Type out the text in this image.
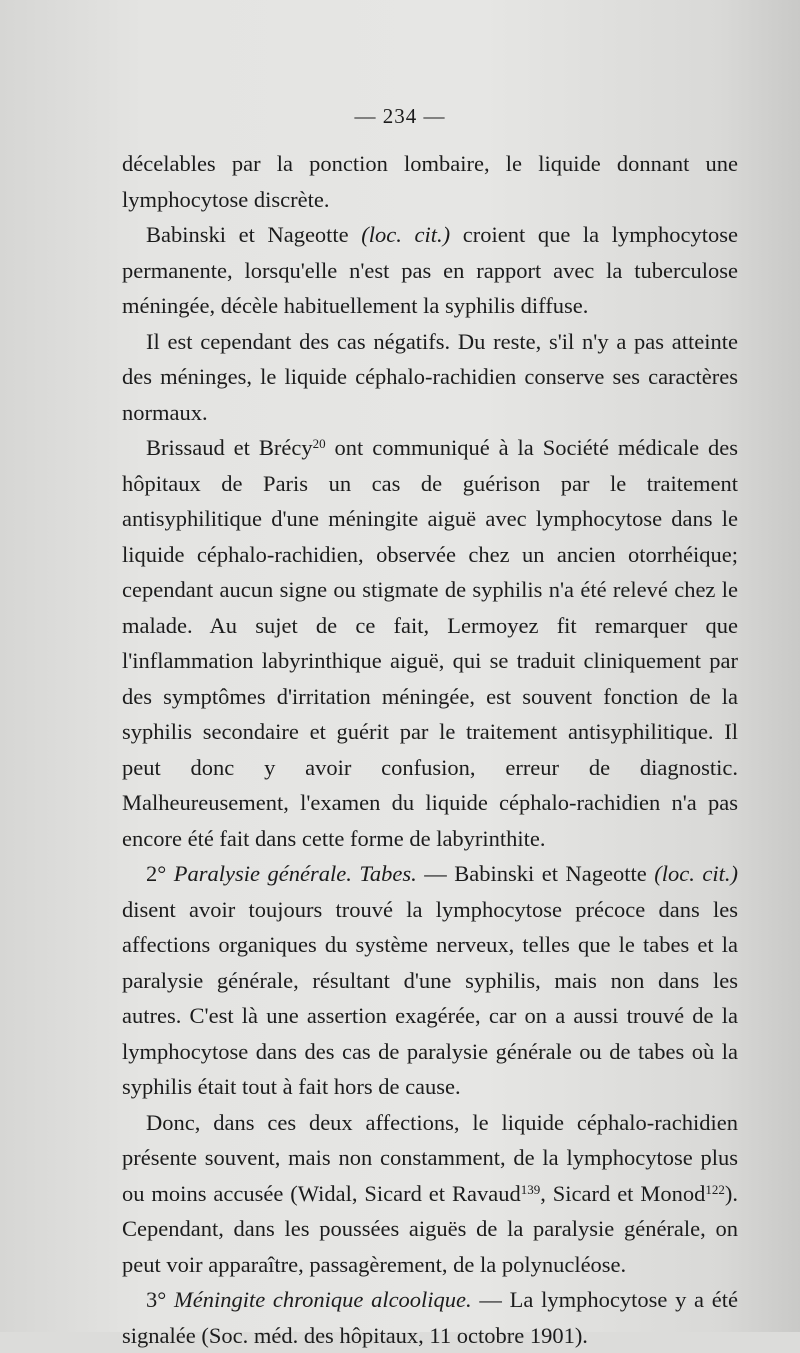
— 234 —

décelables par la ponction lombaire, le liquide donnant une lymphocytose discrète.

Babinski et Nageotte (loc. cit.) croient que la lymphocytose permanente, lorsqu'elle n'est pas en rapport avec la tuberculose méningée, décèle habituellement la syphilis diffuse.

Il est cependant des cas négatifs. Du reste, s'il n'y a pas atteinte des méninges, le liquide céphalo-rachidien conserve ses caractères normaux.

Brissaud et Brécy$^{20}$ ont communiqué à la Société médicale des hôpitaux de Paris un cas de guérison par le traitement antisyphilitique d'une méningite aiguë avec lymphocytose dans le liquide céphalo-rachidien, observée chez un ancien otorrhéique; cependant aucun signe ou stigmate de syphilis n'a été relevé chez le malade. Au sujet de ce fait, Lermoyez fit remarquer que l'inflammation labyrinthique aiguë, qui se traduit cliniquement par des symptômes d'irritation méningée, est souvent fonction de la syphilis secondaire et guérit par le traitement antisyphilitique. Il peut donc y avoir confusion, erreur de diagnostic. Malheureusement, l'examen du liquide céphalo-rachidien n'a pas encore été fait dans cette forme de labyrinthite.

2° Paralysie générale. Tabes. — Babinski et Nageotte (loc. cit.) disent avoir toujours trouvé la lymphocytose précoce dans les affections organiques du système nerveux, telles que le tabes et la paralysie générale, résultant d'une syphilis, mais non dans les autres. C'est là une assertion exagérée, car on a aussi trouvé de la lymphocytose dans des cas de paralysie générale ou de tabes où la syphilis était tout à fait hors de cause.

Donc, dans ces deux affections, le liquide céphalo-rachidien présente souvent, mais non constamment, de la lymphocytose plus ou moins accusée (Widal, Sicard et Ravaud$^{139}$, Sicard et Monod$^{122}$). Cependant, dans les poussées aiguës de la paralysie générale, on peut voir apparaître, passagèrement, de la polynucléose.

3° Méningite chronique alcoolique. — La lymphocytose y a été signalée (Soc. méd. des hôpitaux, 11 octobre 1901).
